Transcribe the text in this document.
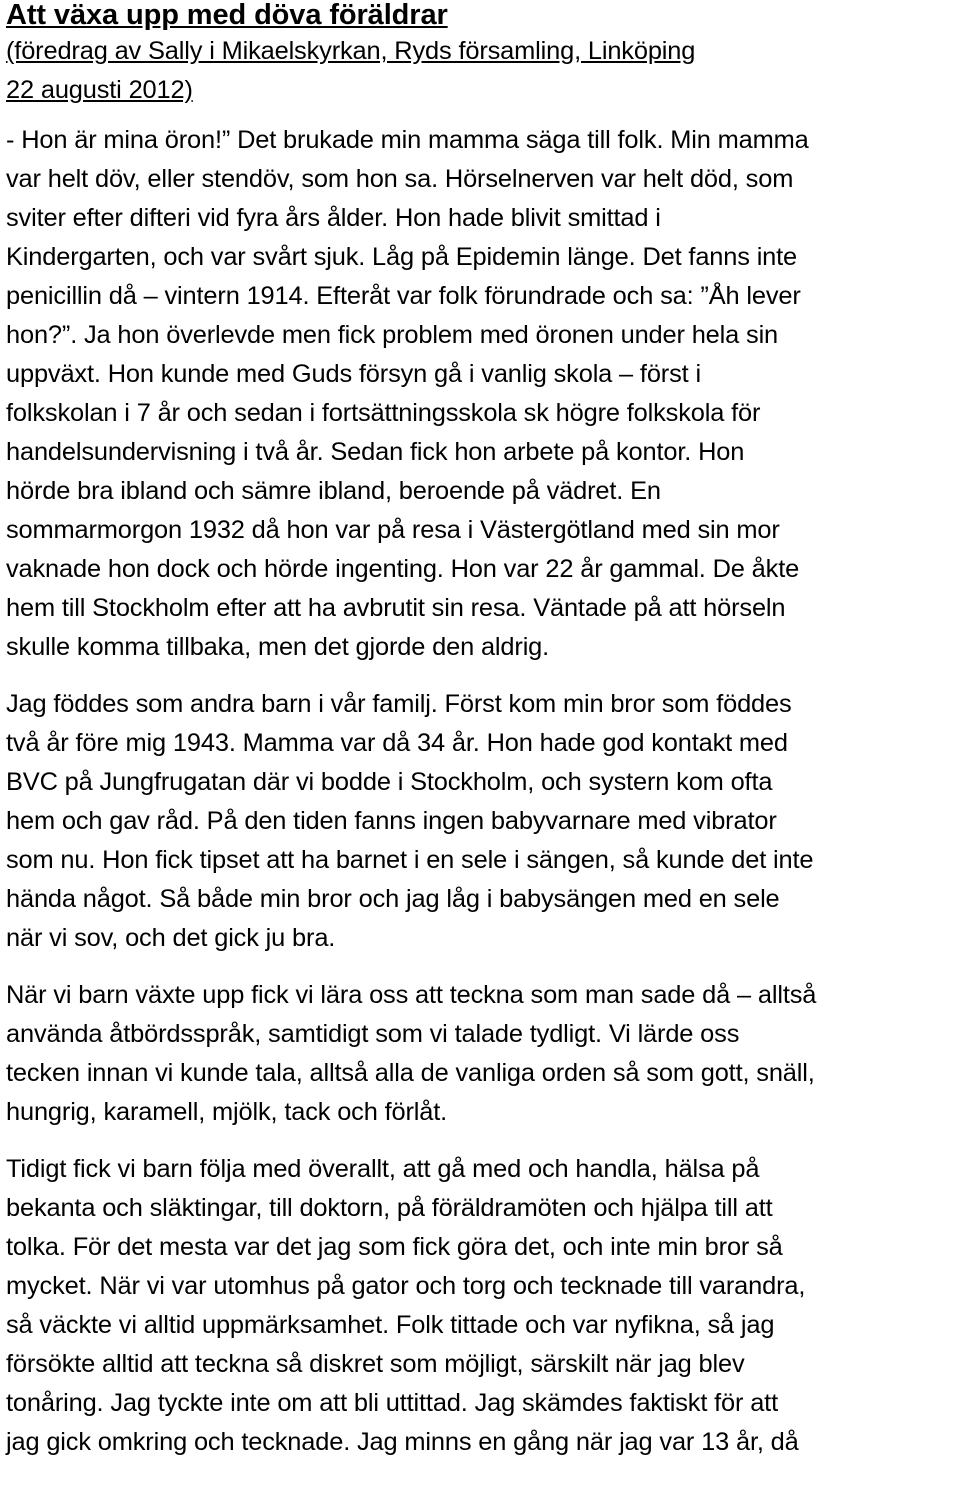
Att växa upp med döva föräldrar
(föredrag av Sally i Mikaelskyrkan, Ryds församling, Linköping
22 augusti 2012)
- Hon är mina öron!” Det brukade min mamma säga till folk. Min mamma
var helt döv, eller stendöv, som hon sa. Hörselnerven var helt död, som
sviter efter difteri vid fyra års ålder. Hon hade blivit smittad i
Kindergarten, och var svårt sjuk. Låg på Epidemin länge. Det fanns inte
penicillin då – vintern 1914. Efteråt var folk förundrade och sa: ”Åh lever
hon?”. Ja hon överlevde men fick problem med öronen under hela sin
uppväxt. Hon kunde med Guds försyn gå i vanlig skola – först i
folkskolan i 7 år och sedan i fortsättningsskola sk högre folkskola för
handelsundervisning i två år. Sedan fick hon arbete på kontor. Hon
hörde bra ibland och sämre ibland, beroende på vädret. En
sommarmorgon 1932 då hon var på resa i Västergötland med sin mor
vaknade hon dock och hörde ingenting. Hon var 22 år gammal. De åkte
hem till Stockholm efter att ha avbrutit sin resa. Väntade på att hörseln
skulle komma tillbaka, men det gjorde den aldrig.
Jag föddes som andra barn i vår familj. Först kom min bror som föddes
två år före mig 1943. Mamma var då 34 år. Hon hade god kontakt med
BVC på Jungfrugatan där vi bodde i Stockholm, och systern kom ofta
hem och gav råd. På den tiden fanns ingen babyvarnare med vibrator
som nu. Hon fick tipset att ha barnet i en sele i sängen, så kunde det inte
hända något. Så både min bror och jag låg i babysängen med en sele
när vi sov, och det gick ju bra.
När vi barn växte upp fick vi lära oss att teckna som man sade då – alltså
använda åtbördsspråk, samtidigt som vi talade tydligt. Vi lärde oss
tecken innan vi kunde tala, alltså alla de vanliga orden så som gott, snäll,
hungrig, karamell, mjölk, tack och förlåt.
Tidigt fick vi barn följa med överallt, att gå med och handla, hälsa på
bekanta och släktingar, till doktorn, på föräldramöten och hjälpa till att
tolka. För det mesta var det jag som fick göra det, och inte min bror så
mycket. När vi var utomhus på gator och torg och tecknade till varandra,
så väckte vi alltid uppmärksamhet. Folk tittade och var nyfikna, så jag
försökte alltid att teckna så diskret som möjligt, särskilt när jag blev
tonåring. Jag tyckte inte om att bli uttittad. Jag skämdes faktiskt för att
jag gick omkring och tecknade. Jag minns en gång när jag var 13 år, då
